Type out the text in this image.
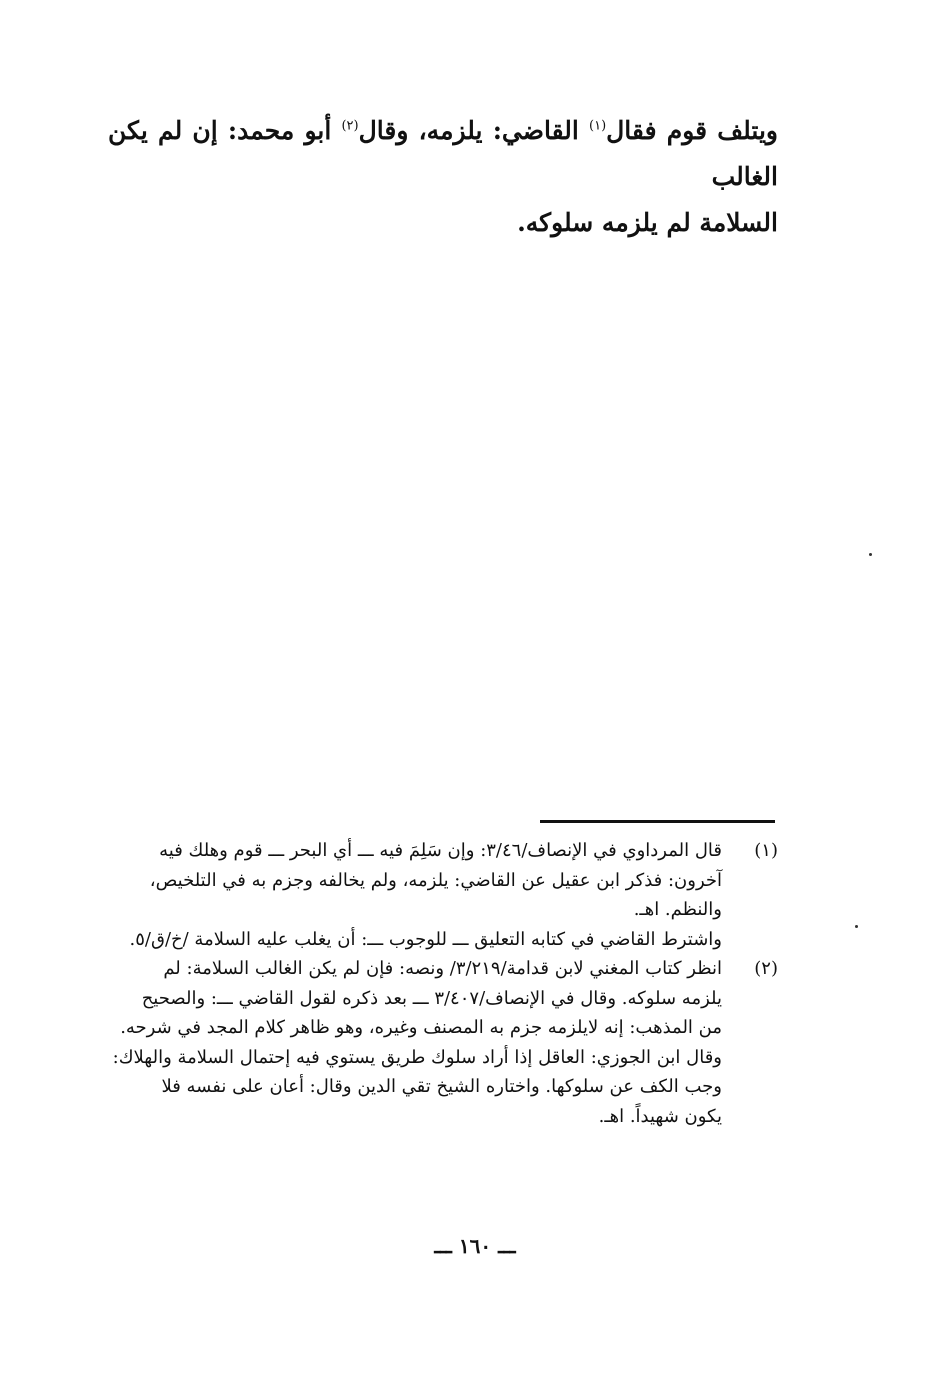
ويتلف قوم فقال$^{(١)}$ القاضي: يلزمه، وقال$^{(٢)}$ أبو محمد: إن لم يكن الغالب

السلامة لم يلزمه سلوكه.

(١)

قال المرداوي في الإنصاف/٣/٤٦: وإن سَلِمَ فيه ـــ أي البحر ـــ قوم وهلك فيه

آخرون: فذكر ابن عقيل عن القاضي: يلزمه، ولم يخالفه وجزم به في التلخيص،

والنظم. اهـ.

واشترط القاضي في كتابه التعليق ـــ للوجوب ـــ: أن يغلب عليه السلامة /خ/ق/٥.

(٢)

انظر كتاب المغني لابن قدامة/٣/٢١٩/ ونصه: فإن لم يكن الغالب السلامة: لم

يلزمه سلوكه. وقال في الإنصاف/٣/٤٠٧ ـــ بعد ذكره لقول القاضي ـــ: والصحيح

من المذهب: إنه لايلزمه جزم به المصنف وغيره، وهو ظاهر كلام المجد في شرحه.

وقال ابن الجوزي: العاقل إذا أراد سلوك طريق يستوي فيه إحتمال السلامة والهلاك:

وجب الكف عن سلوكها. واختاره الشيخ تقي الدين وقال: أعان على نفسه فلا

يكون شهيداً. اهـ.

ـــ ١٦٠ ـــ
